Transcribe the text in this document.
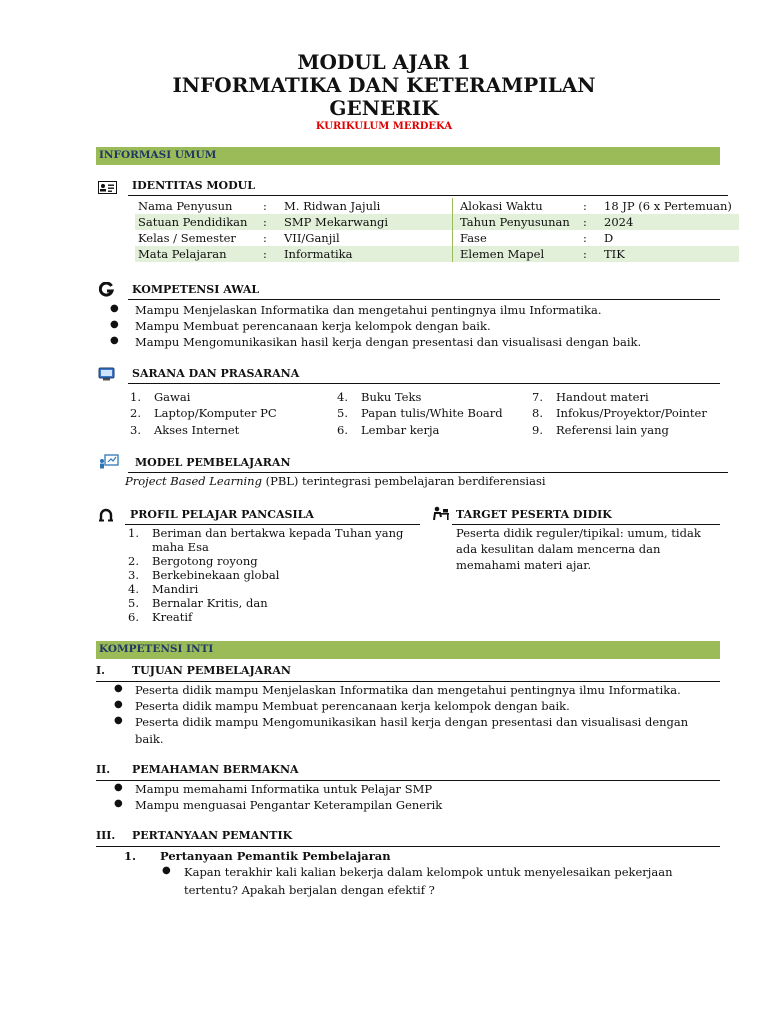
MODUL AJAR 1
INFORMATIKA DAN KETERAMPILAN
GENERIK
KURIKULUM MERDEKA
INFORMASI UMUM
IDENTITAS MODUL
Nama Penyusun	:	M. Ridwan Jajuli	Alokasi Waktu	:	18 JP (6 x Pertemuan)
Satuan Pendidikan	:	SMP Mekarwangi	Tahun Penyusunan	:	2024
Kelas / Semester	:	VII/Ganjil	Fase	:	D
Mata Pelajaran	:	Informatika	Elemen Mapel	:	TIK
KOMPETENSI AWAL
● Mampu Menjelaskan Informatika dan mengetahui pentingnya ilmu Informatika.
● Mampu Membuat perencanaan kerja kelompok dengan baik.
● Mampu Mengomunikasikan hasil kerja dengan presentasi dan visualisasi dengan baik.
SARANA DAN PRASARANA
1. Gawai
2. Laptop/Komputer PC
3. Akses Internet
4. Buku Teks
5. Papan tulis/White Board
6. Lembar kerja
7. Handout materi
8. Infokus/Proyektor/Pointer
9. Referensi lain yang
MODEL PEMBELAJARAN
Project Based Learning (PBL) terintegrasi pembelajaran berdiferensiasi
PROFIL PELAJAR PANCASILA
1. Beriman dan bertakwa kepada Tuhan yang
maha Esa
2. Bergotong royong
3. Berkebinekaan global
4. Mandiri
5. Bernalar Kritis, dan
6. Kreatif
TARGET PESERTA DIDIK
Peserta didik reguler/tipikal: umum, tidak
ada kesulitan dalam mencerna dan
memahami materi ajar.
KOMPETENSI INTI
I. TUJUAN PEMBELAJARAN
● Peserta didik mampu Menjelaskan Informatika dan mengetahui pentingnya ilmu Informatika.
● Peserta didik mampu Membuat perencanaan kerja kelompok dengan baik.
● Peserta didik mampu Mengomunikasikan hasil kerja dengan presentasi dan visualisasi dengan
baik.
II. PEMAHAMAN BERMAKNA
● Mampu memahami Informatika untuk Pelajar SMP
● Mampu menguasai Pengantar Keterampilan Generik
III. PERTANYAAN PEMANTIK
1. Pertanyaan Pemantik Pembelajaran
● Kapan terakhir kali kalian bekerja dalam kelompok untuk menyelesaikan pekerjaan
tertentu? Apakah berjalan dengan efektif ?
